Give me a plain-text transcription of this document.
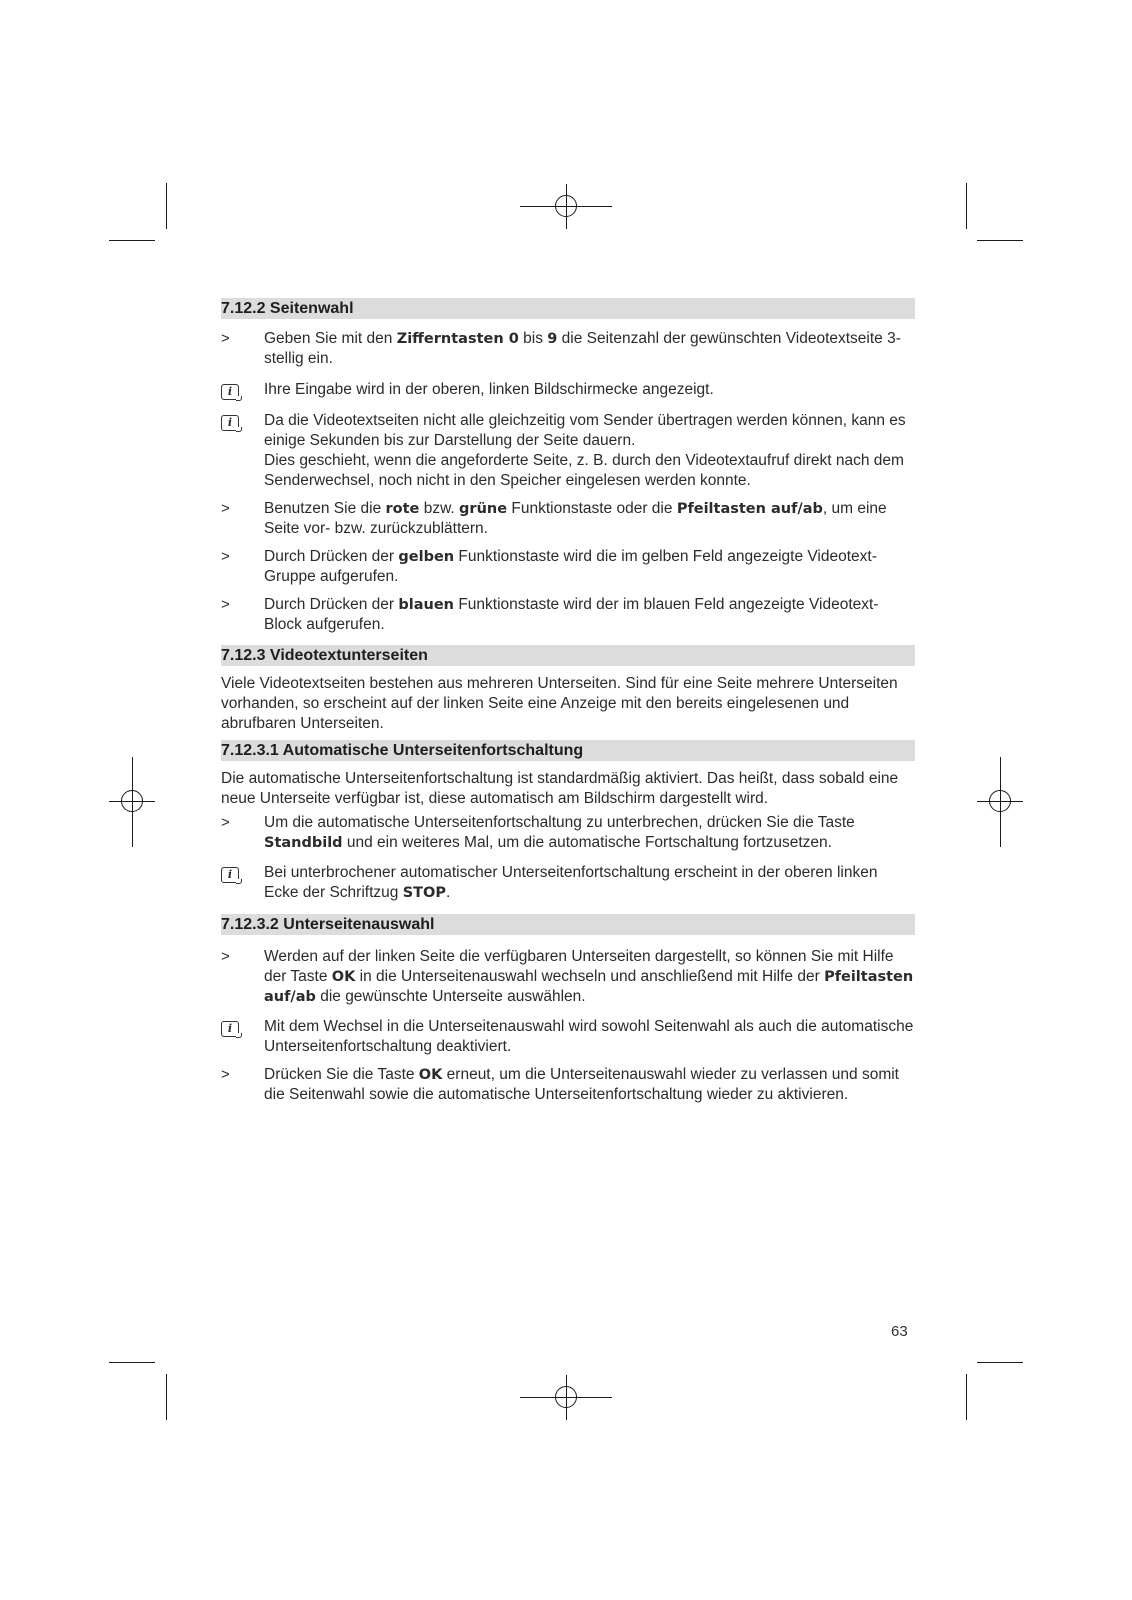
7.12.2 Seitenwahl
>	Geben Sie mit den Zifferntasten 0 bis 9 die Seitenzahl der gewünschten Videotextseite 3-stellig ein.
i	Ihre Eingabe wird in der oberen, linken Bildschirmecke angezeigt.
i	Da die Videotextseiten nicht alle gleichzeitig vom Sender übertragen werden können, kann es einige Sekunden bis zur Darstellung der Seite dauern.
Dies geschieht, wenn die angeforderte Seite, z. B. durch den Videotextaufruf direkt nach dem Senderwechsel, noch nicht in den Speicher eingelesen werden konnte.
>	Benutzen Sie die rote bzw. grüne Funktionstaste oder die Pfeiltasten auf/ab, um eine Seite vor- bzw. zurückzublättern.
>	Durch Drücken der gelben Funktionstaste wird die im gelben Feld angezeigte Videotext-Gruppe aufgerufen.
>	Durch Drücken der blauen Funktionstaste wird der im blauen Feld angezeigte Videotext-Block aufgerufen.
7.12.3 Videotextunterseiten
Viele Videotextseiten bestehen aus mehreren Unterseiten. Sind für eine Seite mehrere Unterseiten vorhanden, so erscheint auf der linken Seite eine Anzeige mit den bereits eingelesenen und abrufbaren Unterseiten.
7.12.3.1 Automatische Unterseitenfortschaltung
Die automatische Unterseitenfortschaltung ist standardmäßig aktiviert. Das heißt, dass sobald eine neue Unterseite verfügbar ist, diese automatisch am Bildschirm dargestellt wird.
>	Um die automatische Unterseitenfortschaltung zu unterbrechen, drücken Sie die Taste Standbild und ein weiteres Mal, um die automatische Fortschaltung fortzusetzen.
i	Bei unterbrochener automatischer Unterseitenfortschaltung erscheint in der oberen linken Ecke der Schriftzug STOP.
7.12.3.2 Unterseitenauswahl
>	Werden auf der linken Seite die verfügbaren Unterseiten dargestellt, so können Sie mit Hilfe der Taste OK in die Unterseitenauswahl wechseln und anschließend mit Hilfe der Pfeiltasten auf/ab die gewünschte Unterseite auswählen.
i	Mit dem Wechsel in die Unterseitenauswahl wird sowohl Seitenwahl als auch die automatische Unterseitenfortschaltung deaktiviert.
>	Drücken Sie die Taste OK erneut, um die Unterseitenauswahl wieder zu verlassen und somit die Seitenwahl sowie die automatische Unterseitenfortschaltung wieder zu aktivieren.
63
